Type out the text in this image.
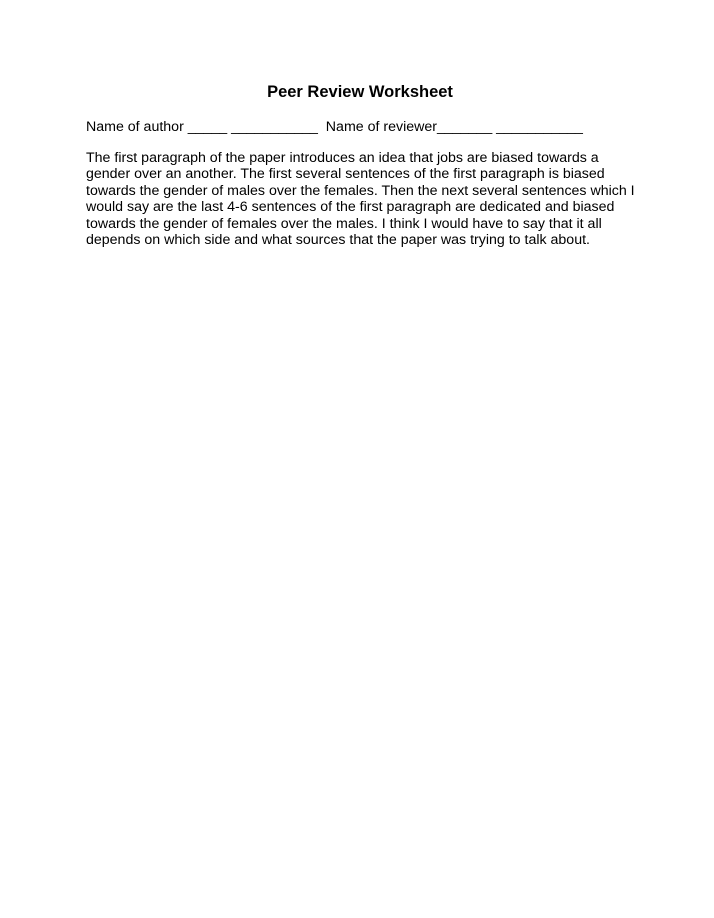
Peer Review Worksheet

Name of author _____ ___________  Name of reviewer_______ ___________

The first paragraph of the paper introduces an idea that jobs are biased towards a gender over an another. The first several sentences of the first paragraph is biased towards the gender of males over the females. Then the next several sentences which I would say are the last 4-6 sentences of the first paragraph are dedicated and biased towards the gender of females over the males. I think I would have to say that it all depends on which side and what sources that the paper was trying to talk about.
